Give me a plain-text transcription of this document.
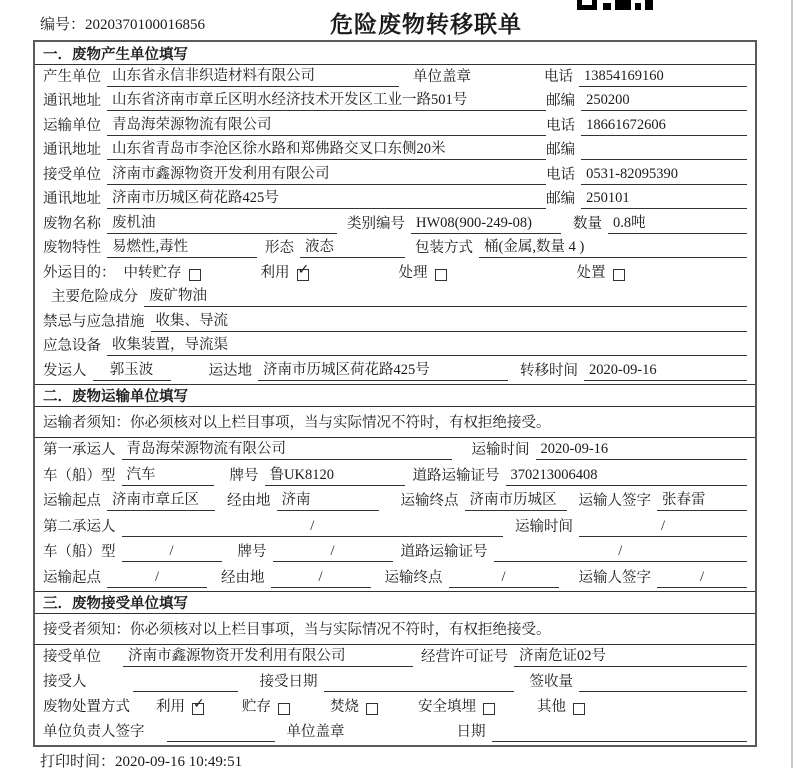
编号：2020370100016856	危险废物转移联单
一．废物产生单位填写
产生单位 山东省永信非织造材料有限公司	单位盖章	电话 13854169160
通讯地址 山东省济南市章丘区明水经济技术开发区工业一路501号	邮编 250200
运输单位 青岛海荣源物流有限公司	电话 18661672606
通讯地址 山东省青岛市李沧区徐水路和郑佛路交叉口东侧20米	邮编
接受单位 济南市鑫源物资开发利用有限公司	电话 0531-82095390
通讯地址 济南市历城区荷花路425号	邮编 250101
废物名称 废机油	类别编号 HW08(900-249-08)	数量 0.8吨
废物特性 易燃性,毒性	形态 液态	包装方式 桶(金属,数量 4 )
外运目的： 中转贮存	利用 ✓	处理	处置
主要危险成分 废矿物油
禁忌与应急措施 收集、导流
应急设备 收集装置，导流渠
发运人	郭玉波	运达地 济南市历城区荷花路425号	转移时间 2020-09-16
二．废物运输单位填写
运输者须知：你必须核对以上栏目事项，当与实际情况不符时，有权拒绝接受。
第一承运人 青岛海荣源物流有限公司	运输时间 2020-09-16
车（船）型 汽车	牌号 鲁UK8120	道路运输证号 370213006408
运输起点 济南市章丘区	经由地 济南	运输终点 济南市历城区	运输人签字 张春雷
第二承运人	/	运输时间	/
车（船）型	/	牌号	/	道路运输证号	/
运输起点	/	经由地	/	运输终点	/	运输人签字	/
三．废物接受单位填写
接受者须知：你必须核对以上栏目事项，当与实际情况不符时，有权拒绝接受。
接受单位	济南市鑫源物资开发利用有限公司	经营许可证号 济南危证02号
接受人	接受日期	签收量
废物处置方式 利用 ✓	贮存	焚烧	安全填埋	其他
单位负责人签字	单位盖章	日期
打印时间：2020-09-16 10:49:51
